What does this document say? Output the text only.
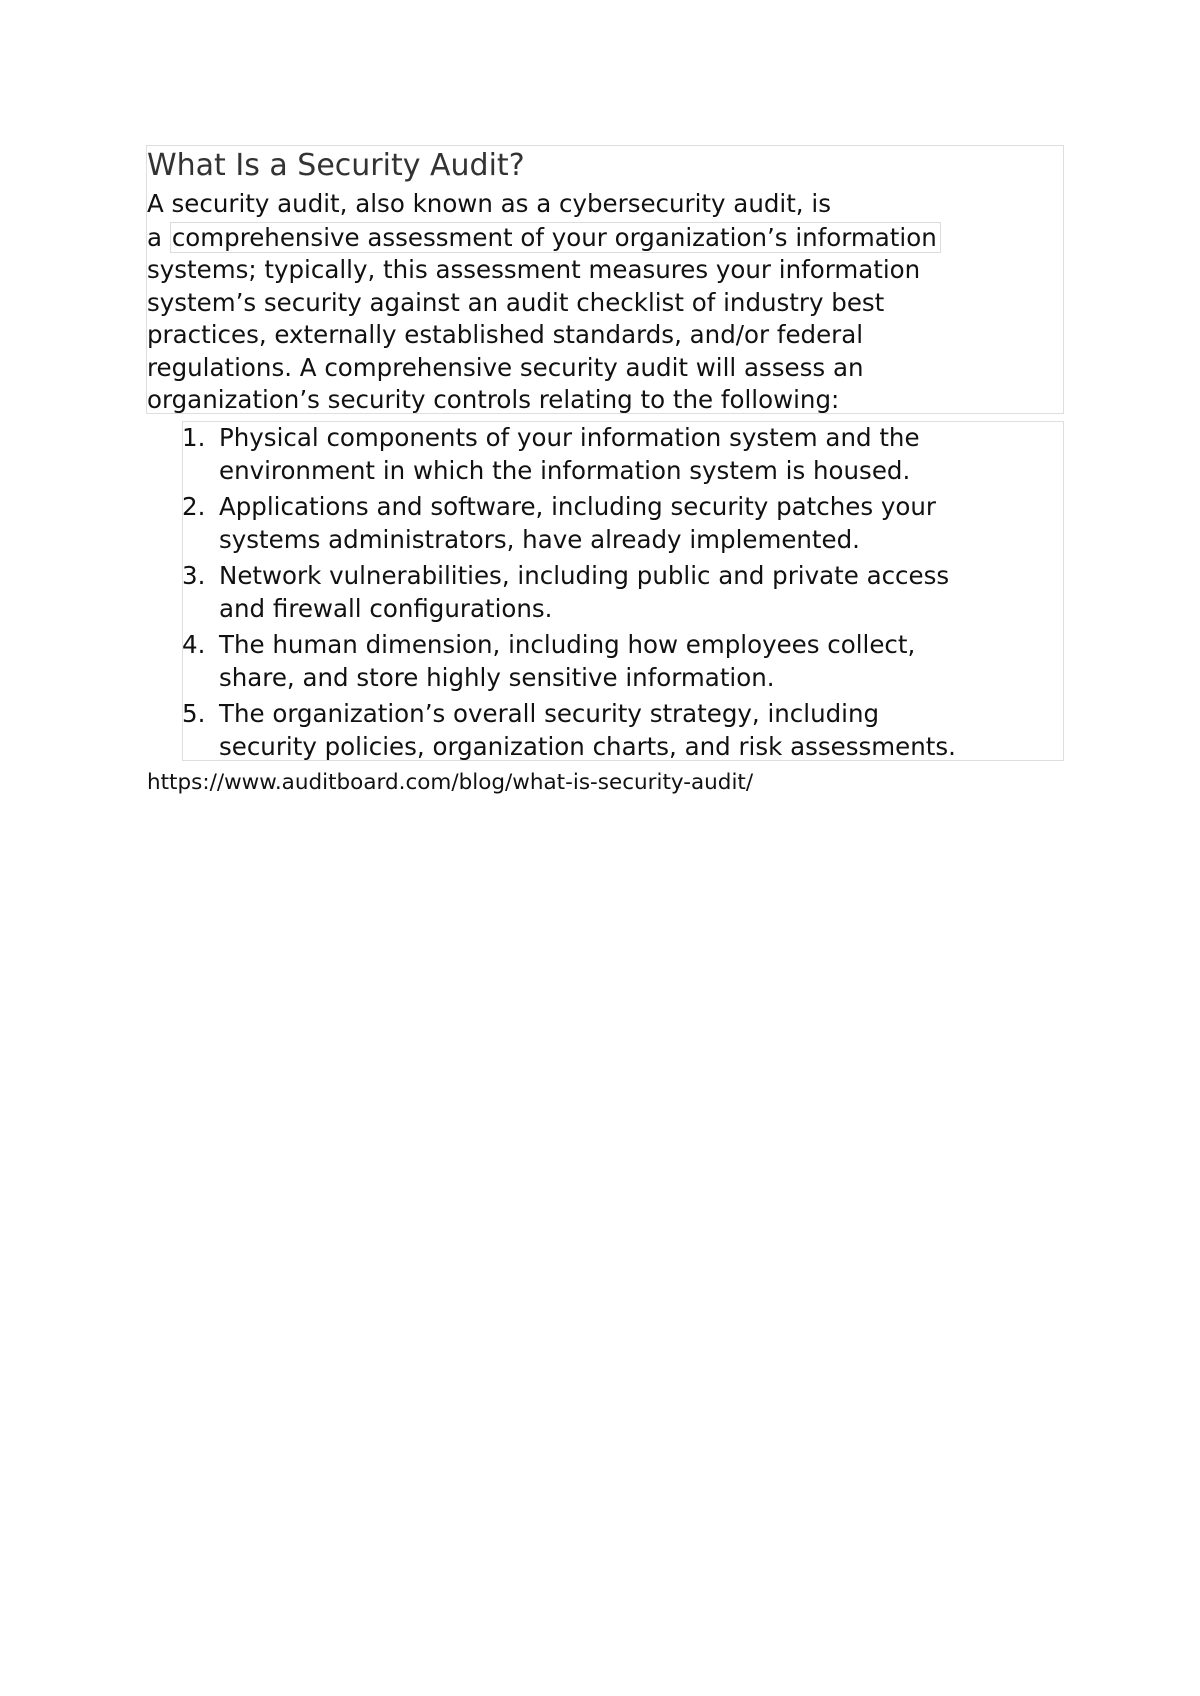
What Is a Security Audit?

A security audit, also known as a cybersecurity audit, is
a comprehensive assessment of your organization’s information
systems; typically, this assessment measures your information
system’s security against an audit checklist of industry best
practices, externally established standards, and/or federal
regulations. A comprehensive security audit will assess an
organization’s security controls relating to the following:

1. Physical components of your information system and the
environment in which the information system is housed.
2. Applications and software, including security patches your
systems administrators, have already implemented.
3. Network vulnerabilities, including public and private access
and firewall configurations.
4. The human dimension, including how employees collect,
share, and store highly sensitive information.
5. The organization’s overall security strategy, including
security policies, organization charts, and risk assessments.

https://www.auditboard.com/blog/what-is-security-audit/
